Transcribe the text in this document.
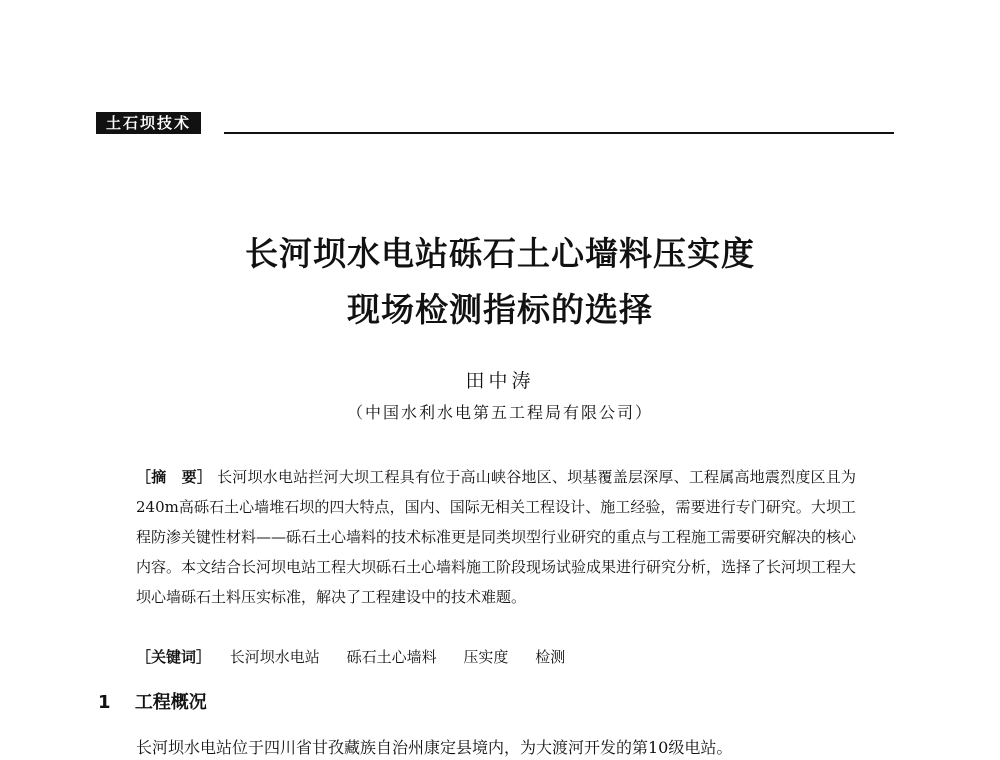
土石坝技术
长河坝水电站砾石土心墙料压实度
现场检测指标的选择
田中涛
（中国水利水电第五工程局有限公司）
［摘　要］ 长河坝水电站拦河大坝工程具有位于高山峡谷地区、坝基覆盖层深厚、工程属高地震烈度区且为240m高砾石土心墙堆石坝的四大特点，国内、国际无相关工程设计、施工经验，需要进行专门研究。大坝工程防渗关键性材料——砾石土心墙料的技术标准更是同类坝型行业研究的重点与工程施工需要研究解决的核心内容。本文结合长河坝电站工程大坝砾石土心墙料施工阶段现场试验成果进行研究分析，选择了长河坝工程大坝心墙砾石土料压实标准，解决了工程建设中的技术难题。
［关键词］ 长河坝水电站 砾石土心墙料 压实度 检测
1 工程概况
长河坝水电站位于四川省甘孜藏族自治州康定县境内，为大渡河开发的第10级电站。
